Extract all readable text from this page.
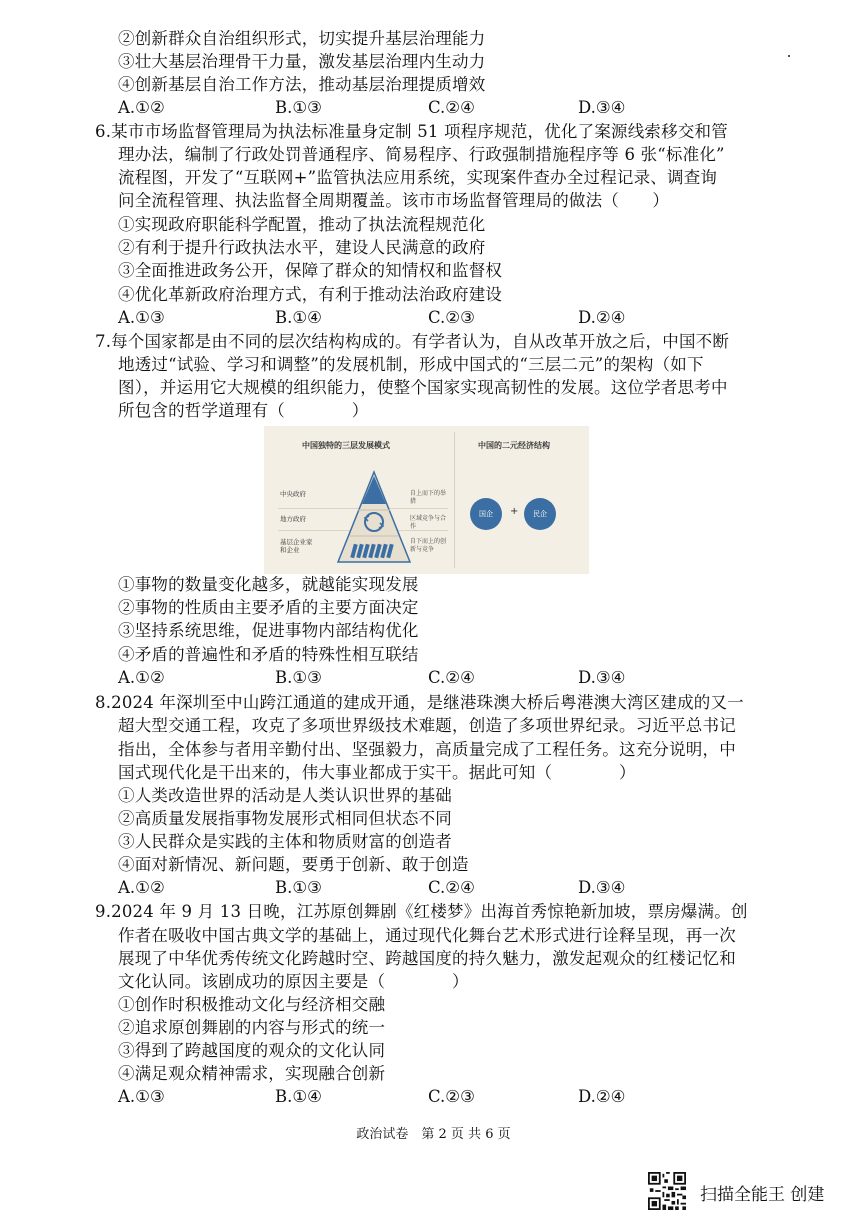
②创新群众自治组织形式，切实提升基层治理能力
③壮大基层治理骨干力量，激发基层治理内生动力
④创新基层自治工作方法，推动基层治理提质增效
A.①②	B.①③	C.②④	D.③④
6.某市市场监督管理局为执法标准量身定制 51 项程序规范，优化了案源线索移交和管
理办法，编制了行政处罚普通程序、简易程序、行政强制措施程序等 6 张“标准化”
流程图，开发了“互联网+”监管执法应用系统，实现案件查办全过程记录、调查询
问全流程管理、执法监督全周期覆盖。该市市场监督管理局的做法（　　）
①实现政府职能科学配置，推动了执法流程规范化
②有利于提升行政执法水平，建设人民满意的政府
③全面推进政务公开，保障了群众的知情权和监督权
④优化革新政府治理方式，有利于推动法治政府建设
A.①③	B.①④	C.②③	D.②④
7.每个国家都是由不同的层次结构构成的。有学者认为，自从改革开放之后，中国不断
地透过“试验、学习和调整”的发展机制，形成中国式的“三层二元”的架构（如下
图），并运用它大规模的组织能力，使整个国家实现高韧性的发展。这位学者思考中
所包含的哲学道理有（　　　　）
中国独特的三层发展模式	中国的二元经济结构
中央政府
地方政府
基层企业家和企业
自上而下的举措
区域竞争与合作
自下而上的创新与竞争
国企	+	民企
①事物的数量变化越多，就越能实现发展
②事物的性质由主要矛盾的主要方面决定
③坚持系统思维，促进事物内部结构优化
④矛盾的普遍性和矛盾的特殊性相互联结
A.①②	B.①③	C.②④	D.③④
8.2024 年深圳至中山跨江通道的建成开通，是继港珠澳大桥后粤港澳大湾区建成的又一
超大型交通工程，攻克了多项世界级技术难题，创造了多项世界纪录。习近平总书记
指出，全体参与者用辛勤付出、坚强毅力，高质量完成了工程任务。这充分说明，中
国式现代化是干出来的，伟大事业都成于实干。据此可知（　　　　）
①人类改造世界的活动是人类认识世界的基础
②高质量发展指事物发展形式相同但状态不同
③人民群众是实践的主体和物质财富的创造者
④面对新情况、新问题，要勇于创新、敢于创造
A.①②	B.①③	C.②④	D.③④
9.2024 年 9 月 13 日晚，江苏原创舞剧《红楼梦》出海首秀惊艳新加坡，票房爆满。创
作者在吸收中国古典文学的基础上，通过现代化舞台艺术形式进行诠释呈现，再一次
展现了中华优秀传统文化跨越时空、跨越国度的持久魅力，激发起观众的红楼记忆和
文化认同。该剧成功的原因主要是（　　　　）
①创作时积极推动文化与经济相交融
②追求原创舞剧的内容与形式的统一
③得到了跨越国度的观众的文化认同
④满足观众精神需求，实现融合创新
A.①③	B.①④	C.②③	D.②④
政治试卷　第 2 页 共 6 页
扫描全能王 创建
